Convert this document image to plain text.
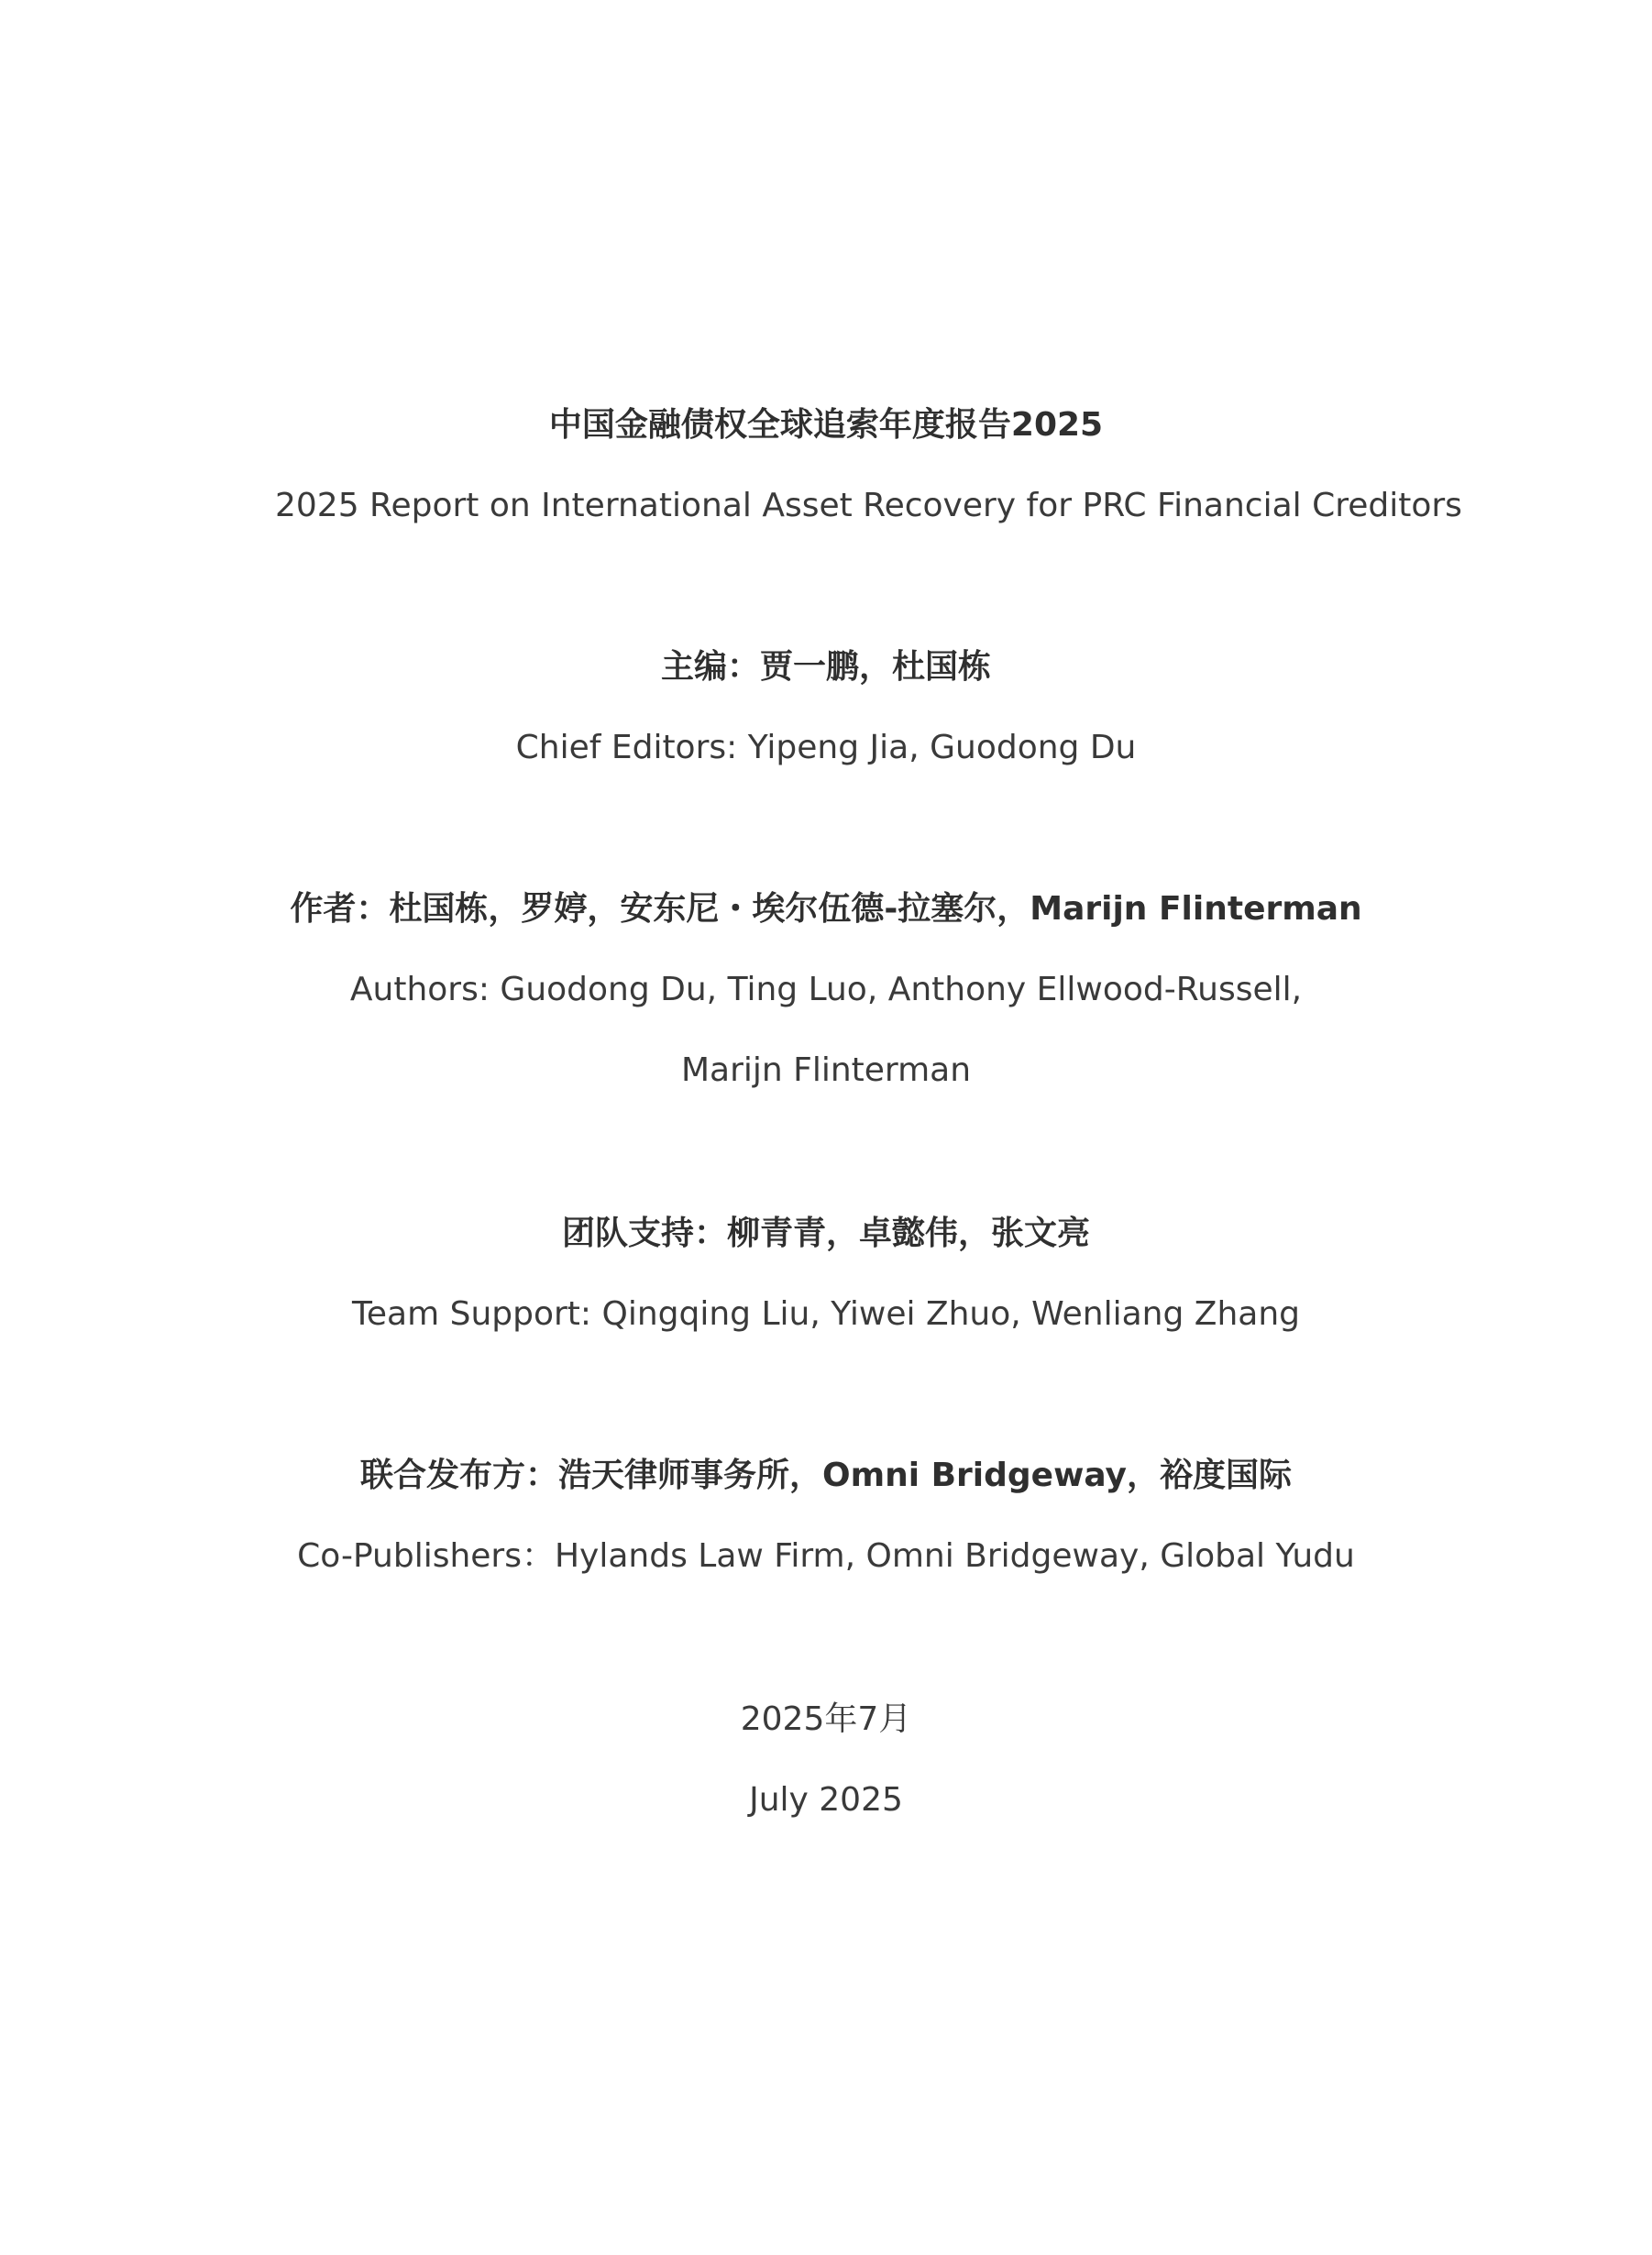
中国金融债权全球追索年度报告2025
2025 Report on International Asset Recovery for PRC Financial Creditors
主编：贾一鹏，杜国栋
Chief Editors: Yipeng Jia, Guodong Du
作者：杜国栋，罗婷，安东尼・埃尔伍德-拉塞尔，Marijn Flinterman
Authors: Guodong Du, Ting Luo, Anthony Ellwood-Russell, Marijn Flinterman
团队支持：柳青青，卓懿伟，张文亮
Team Support: Qingqing Liu, Yiwei Zhuo, Wenliang Zhang
联合发布方：浩天律师事务所，Omni Bridgeway，裕度国际
Co-Publishers：Hylands Law Firm, Omni Bridgeway, Global Yudu
2025年7月
July 2025
